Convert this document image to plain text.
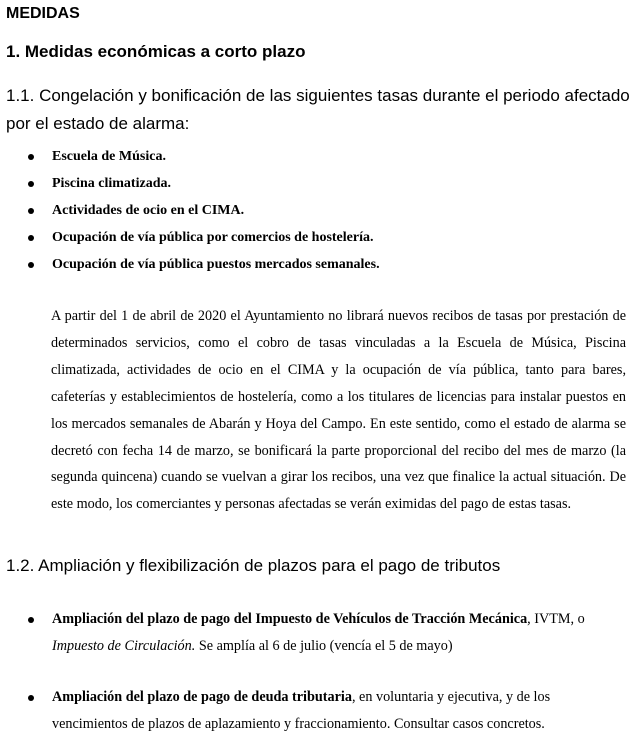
MEDIDAS
1. Medidas económicas a corto plazo
1.1. Congelación y bonificación de las siguientes tasas durante el periodo afectado por el estado de alarma:
Escuela de Música.
Piscina climatizada.
Actividades de ocio en el CIMA.
Ocupación de vía pública por comercios de hostelería.
Ocupación de vía pública puestos mercados semanales.

A partir del 1 de abril de 2020 el Ayuntamiento no librará nuevos recibos de tasas por prestación de determinados servicios, como el cobro de tasas vinculadas a la Escuela de Música, Piscina climatizada, actividades de ocio en el CIMA y la ocupación de vía pública, tanto para bares, cafeterías y establecimientos de hostelería, como a los titulares de licencias para instalar puestos en los mercados semanales de Abarán y Hoya del Campo. En este sentido, como el estado de alarma se decretó con fecha 14 de marzo, se bonificará la parte proporcional del recibo del mes de marzo (la segunda quincena) cuando se vuelvan a girar los recibos, una vez que finalice la actual situación. De este modo, los comerciantes y personas afectadas se verán eximidas del pago de estas tasas.

1.2. Ampliación y flexibilización de plazos para el pago de tributos

Ampliación del plazo de pago del Impuesto de Vehículos de Tracción Mecánica, IVTM, o Impuesto de Circulación. Se amplía al 6 de julio (vencía el 5 de mayo)

Ampliación del plazo de pago de deuda tributaria, en voluntaria y ejecutiva, y de los vencimientos de plazos de aplazamiento y fraccionamiento. Consultar casos concretos.
